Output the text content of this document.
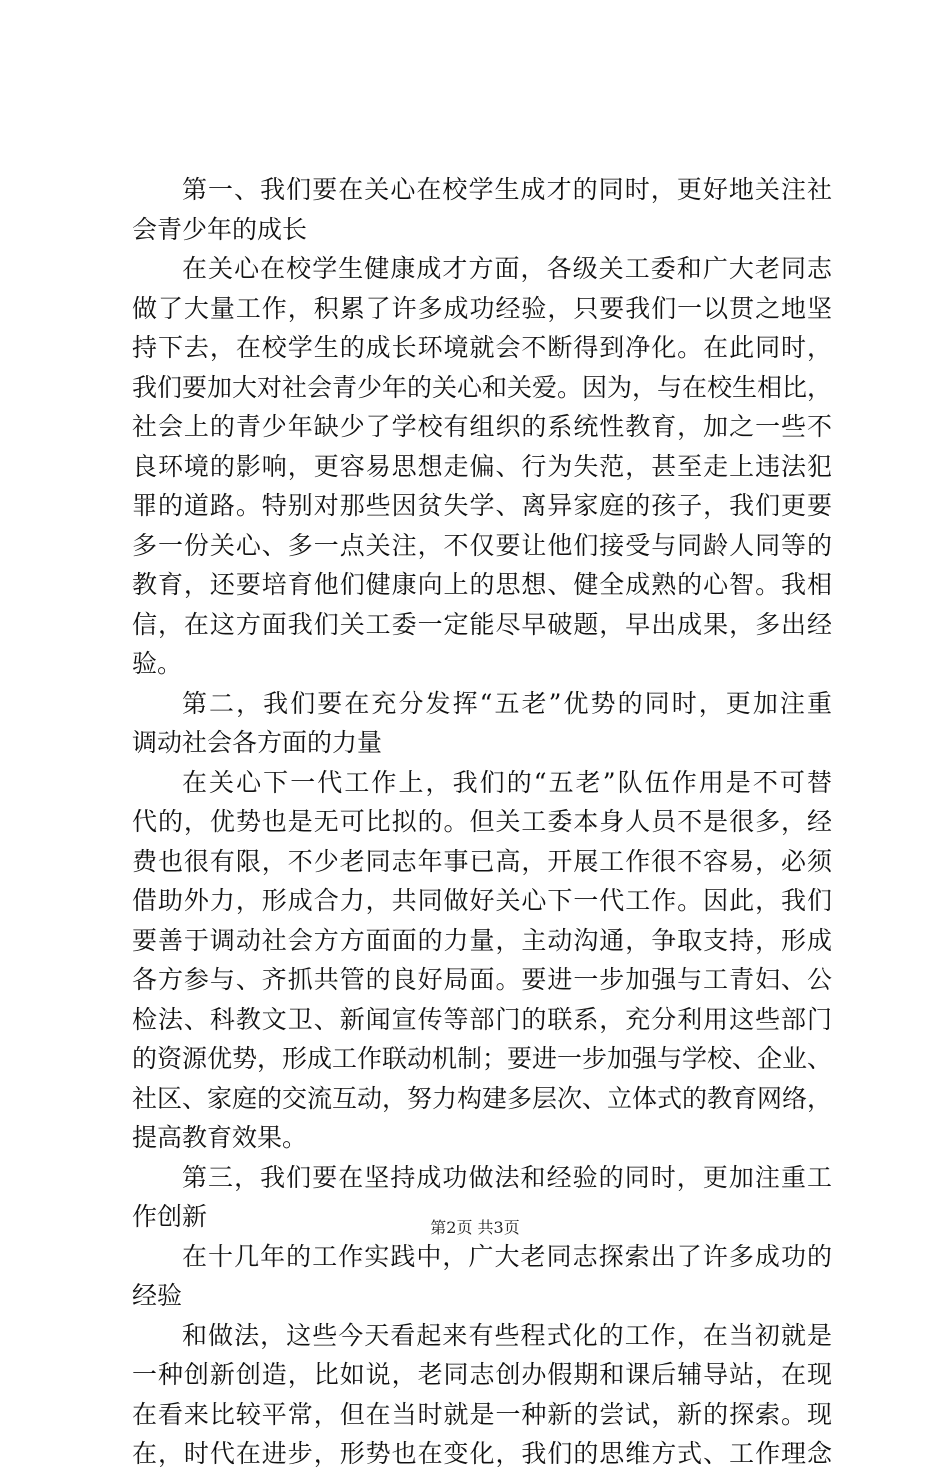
第一、我们要在关心在校学生成才的同时，更好地关注社
会青少年的成长
在关心在校学生健康成才方面，各级关工委和广大老同志
做了大量工作，积累了许多成功经验，只要我们一以贯之地坚
持下去，在校学生的成长环境就会不断得到净化。在此同时，
我们要加大对社会青少年的关心和关爱。因为，与在校生相比，
社会上的青少年缺少了学校有组织的系统性教育，加之一些不
良环境的影响，更容易思想走偏、行为失范，甚至走上违法犯
罪的道路。特别对那些因贫失学、离异家庭的孩子，我们更要
多一份关心、多一点关注，不仅要让他们接受与同龄人同等的
教育，还要培育他们健康向上的思想、健全成熟的心智。我相
信，在这方面我们关工委一定能尽早破题，早出成果，多出经
验。
第二，我们要在充分发挥“五老”优势的同时，更加注重
调动社会各方面的力量
在关心下一代工作上，我们的“五老”队伍作用是不可替
代的，优势也是无可比拟的。但关工委本身人员不是很多，经
费也很有限，不少老同志年事已高，开展工作很不容易，必须
借助外力，形成合力，共同做好关心下一代工作。因此，我们
要善于调动社会方方面面的力量，主动沟通，争取支持，形成
各方参与、齐抓共管的良好局面。要进一步加强与工青妇、公
检法、科教文卫、新闻宣传等部门的联系，充分利用这些部门
的资源优势，形成工作联动机制；要进一步加强与学校、企业、
社区、家庭的交流互动，努力构建多层次、立体式的教育网络，
提高教育效果。
第三，我们要在坚持成功做法和经验的同时，更加注重工
作创新
在十几年的工作实践中，广大老同志探索出了许多成功的
经验
和做法，这些今天看起来有些程式化的工作，在当初就是
一种创新创造，比如说，老同志创办假期和课后辅导站，在现
在看来比较平常，但在当时就是一种新的尝试，新的探索。现
在，时代在进步，形势也在变化，我们的思维方式、工作理念
第2页 共3页
